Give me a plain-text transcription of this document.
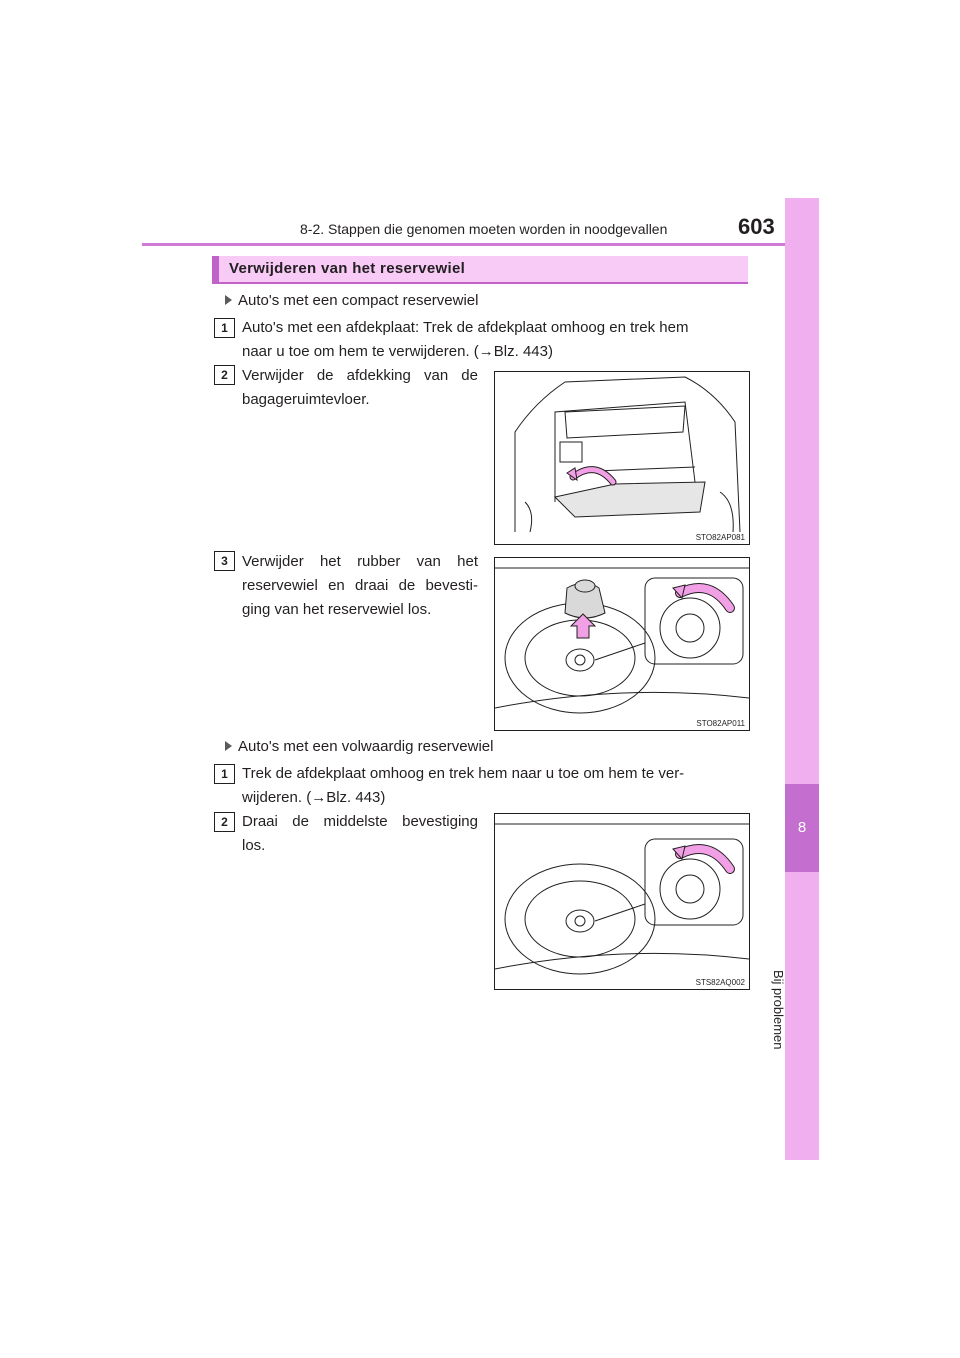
8-2. Stappen die genomen moeten worden in noodgevallen	603
8
Bij problemen
Verwijderen van het reservewiel
Auto's met een compact reservewiel
1 Auto's met een afdekplaat: Trek de afdekplaat omhoog en trek hem
naar u toe om hem te verwijderen. (→Blz. 443)
2 Verwijder de afdekking van de
bagageruimtevloer.
3 Verwijder het rubber van het
reservewiel en draai de bevesti-
ging van het reservewiel los.
Auto's met een volwaardig reservewiel
1 Trek de afdekplaat omhoog en trek hem naar u toe om hem te ver-
wijderen. (→Blz. 443)
2 Draai de middelste bevestiging
los.
STO82AP081
STO82AP011
STS82AQ002
